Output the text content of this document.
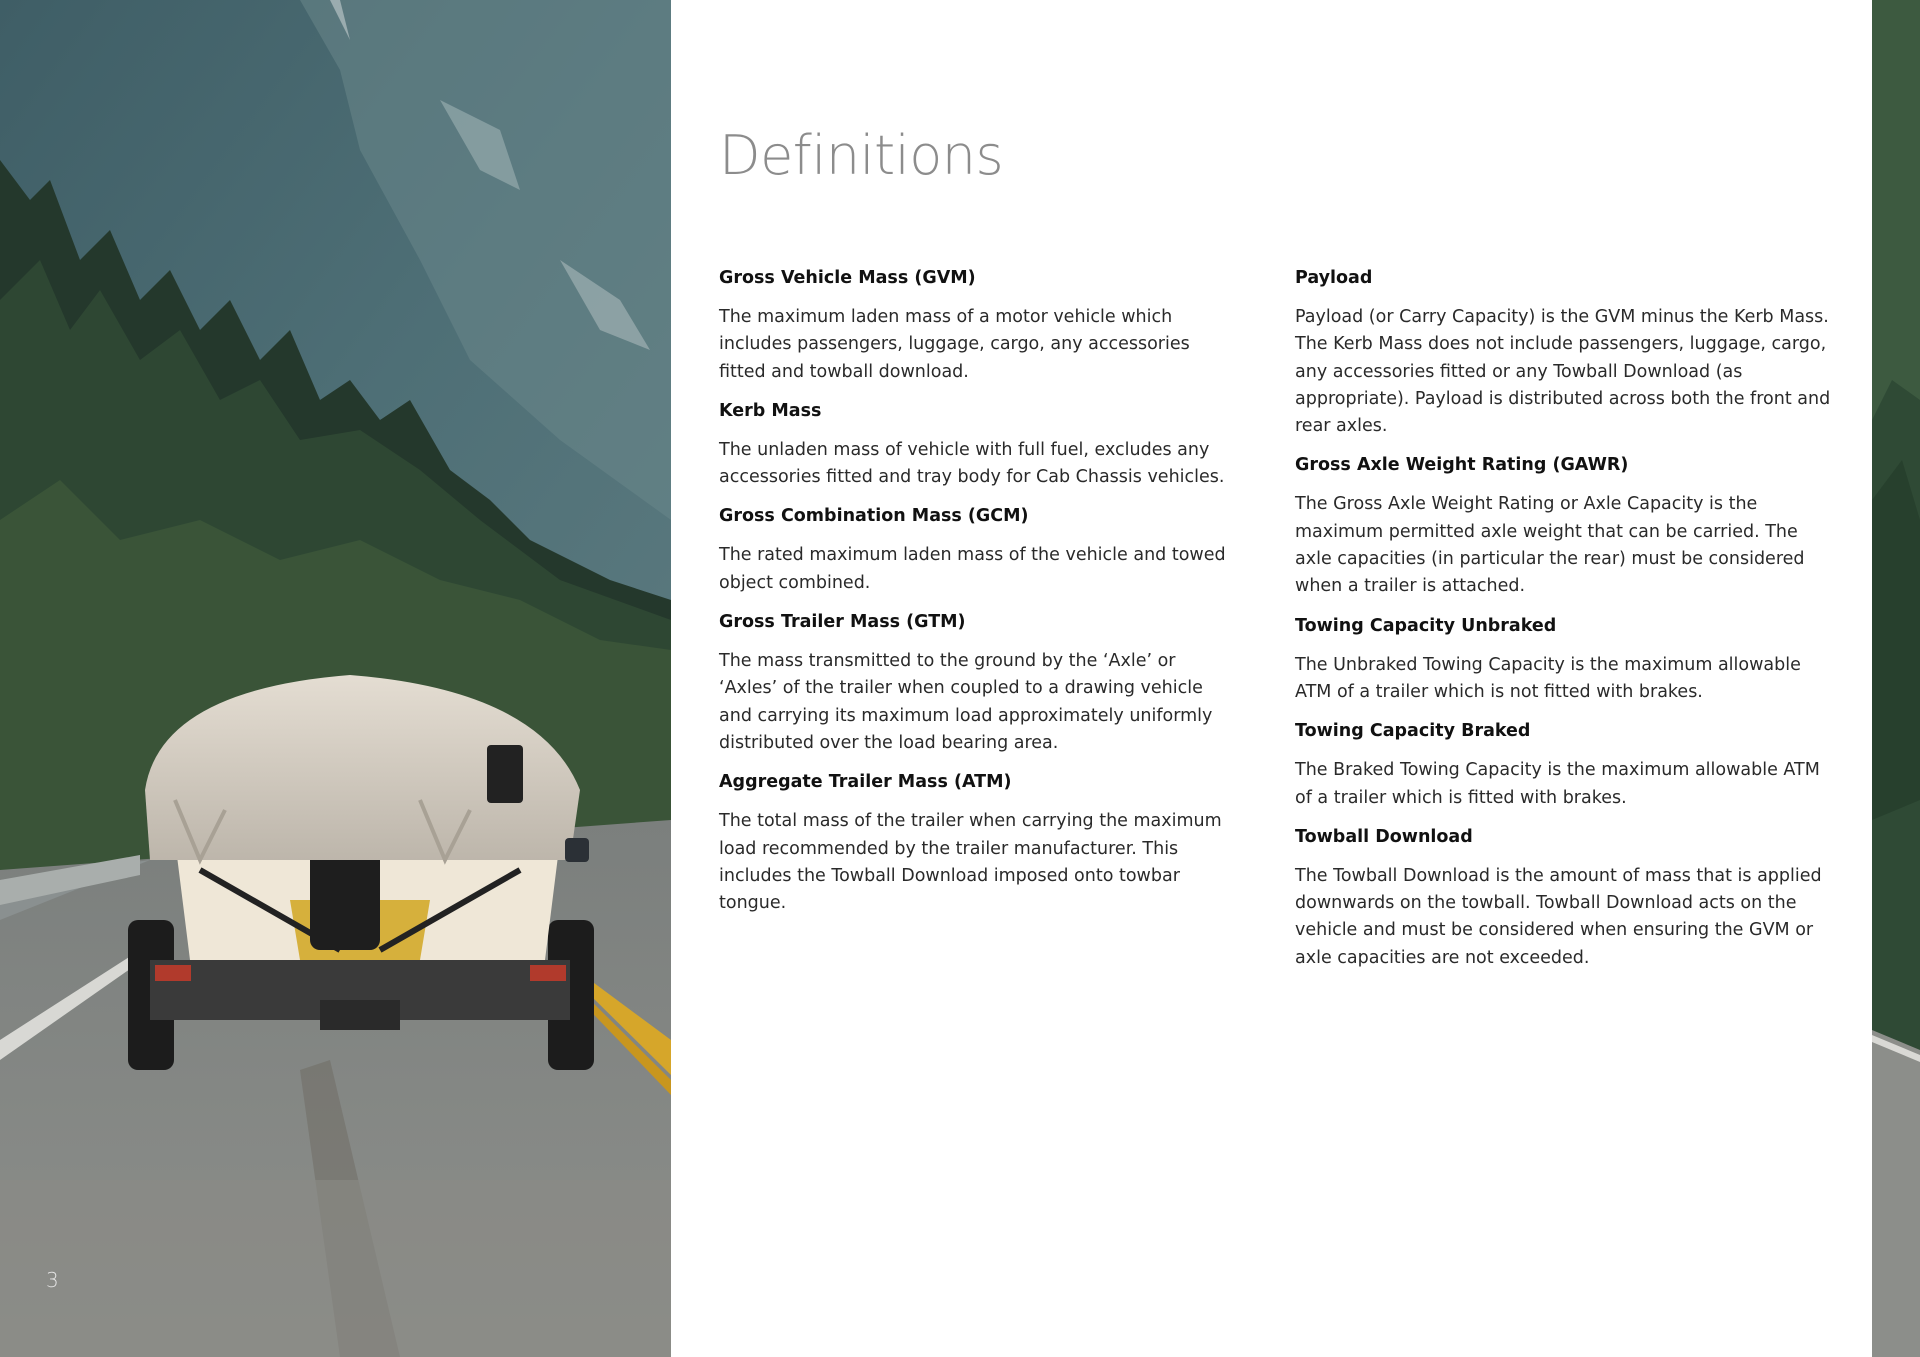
3
Definitions

Gross Vehicle Mass (GVM)

The maximum laden mass of a motor vehicle which includes passengers, luggage, cargo, any accessories fitted and towball download.

Kerb Mass

The unladen mass of vehicle with full fuel, excludes any accessories fitted and tray body for Cab Chassis vehicles.

Gross Combination Mass (GCM)

The rated maximum laden mass of the vehicle and towed object combined.

Gross Trailer Mass (GTM)

The mass transmitted to the ground by the ‘Axle’ or ‘Axles’ of the trailer when coupled to a drawing vehicle and carrying its maximum load approximately uniformly distributed over the load bearing area.

Aggregate Trailer Mass (ATM)

The total mass of the trailer when carrying the maximum load recommended by the trailer manufacturer. This includes the Towball Download imposed onto towbar tongue.

Payload

Payload (or Carry Capacity) is the GVM minus the Kerb Mass. The Kerb Mass does not include passengers, luggage, cargo, any accessories fitted or any Towball Download (as appropriate). Payload is distributed across both the front and rear axles.

Gross Axle Weight Rating (GAWR)

The Gross Axle Weight Rating or Axle Capacity is the maximum permitted axle weight that can be carried. The axle capacities (in particular the rear) must be considered when a trailer is attached.

Towing Capacity Unbraked

The Unbraked Towing Capacity is the maximum allowable ATM of a trailer which is not fitted with brakes.

Towing Capacity Braked

The Braked Towing Capacity is the maximum allowable ATM of a trailer which is fitted with brakes.

Towball Download

The Towball Download is the amount of mass that is applied downwards on the towball. Towball Download acts on the vehicle and must be considered when ensuring the GVM or axle capacities are not exceeded.
